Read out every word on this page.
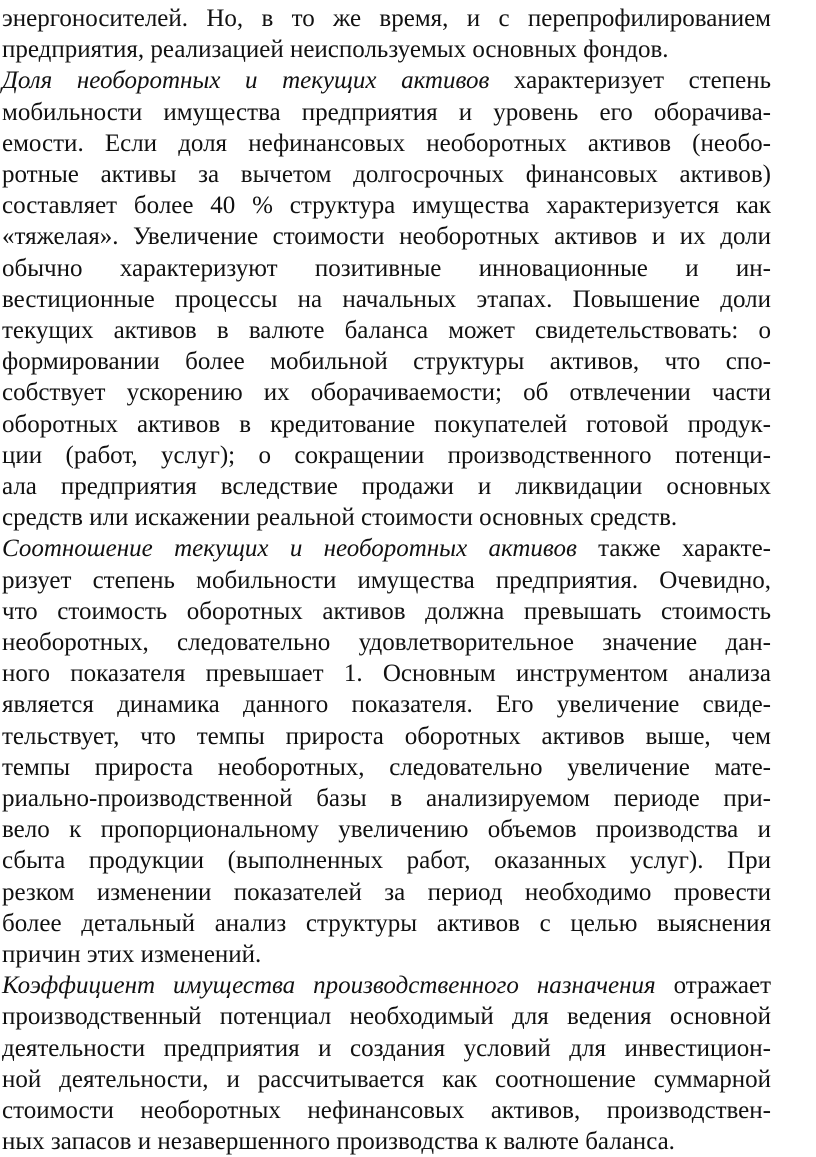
энергоносителей. Но, в то же время, и с перепрофилированием
предприятия, реализацией неиспользуемых основных фондов.
Доля необоротных и текущих активов характеризует степень
мобильности имущества предприятия и уровень его оборачива-
емости. Если доля нефинансовых необоротных активов (необо-
ротные активы за вычетом долгосрочных финансовых активов)
составляет более 40 % структура имущества характеризуется как
«тяжелая». Увеличение стоимости необоротных активов и их доли
обычно характеризуют позитивные инновационные и ин-
вестиционные процессы на начальных этапах. Повышение доли
текущих активов в валюте баланса может свидетельствовать: о
формировании более мобильной структуры активов, что спо-
собствует ускорению их оборачиваемости; об отвлечении части
оборотных активов в кредитование покупателей готовой продук-
ции (работ, услуг); о сокращении производственного потенци-
ала предприятия вследствие продажи и ликвидации основных
средств или искажении реальной стоимости основных средств.
Соотношение текущих и необоротных активов также характе-
ризует степень мобильности имущества предприятия. Очевидно,
что стоимость оборотных активов должна превышать стоимость
необоротных, следовательно удовлетворительное значение дан-
ного показателя превышает 1. Основным инструментом анализа
является динамика данного показателя. Его увеличение свиде-
тельствует, что темпы прироста оборотных активов выше, чем
темпы прироста необоротных, следовательно увеличение мате-
риально-производственной базы в анализируемом периоде при-
вело к пропорциональному увеличению объемов производства и
сбыта продукции (выполненных работ, оказанных услуг). При
резком изменении показателей за период необходимо провести
более детальный анализ структуры активов с целью выяснения
причин этих изменений.
Коэффициент имущества производственного назначения отражает
производственный потенциал необходимый для ведения основной
деятельности предприятия и создания условий для инвестицион-
ной деятельности, и рассчитывается как соотношение суммарной
стоимости необоротных нефинансовых активов, производствен-
ных запасов и незавершенного производства к валюте баланса.
